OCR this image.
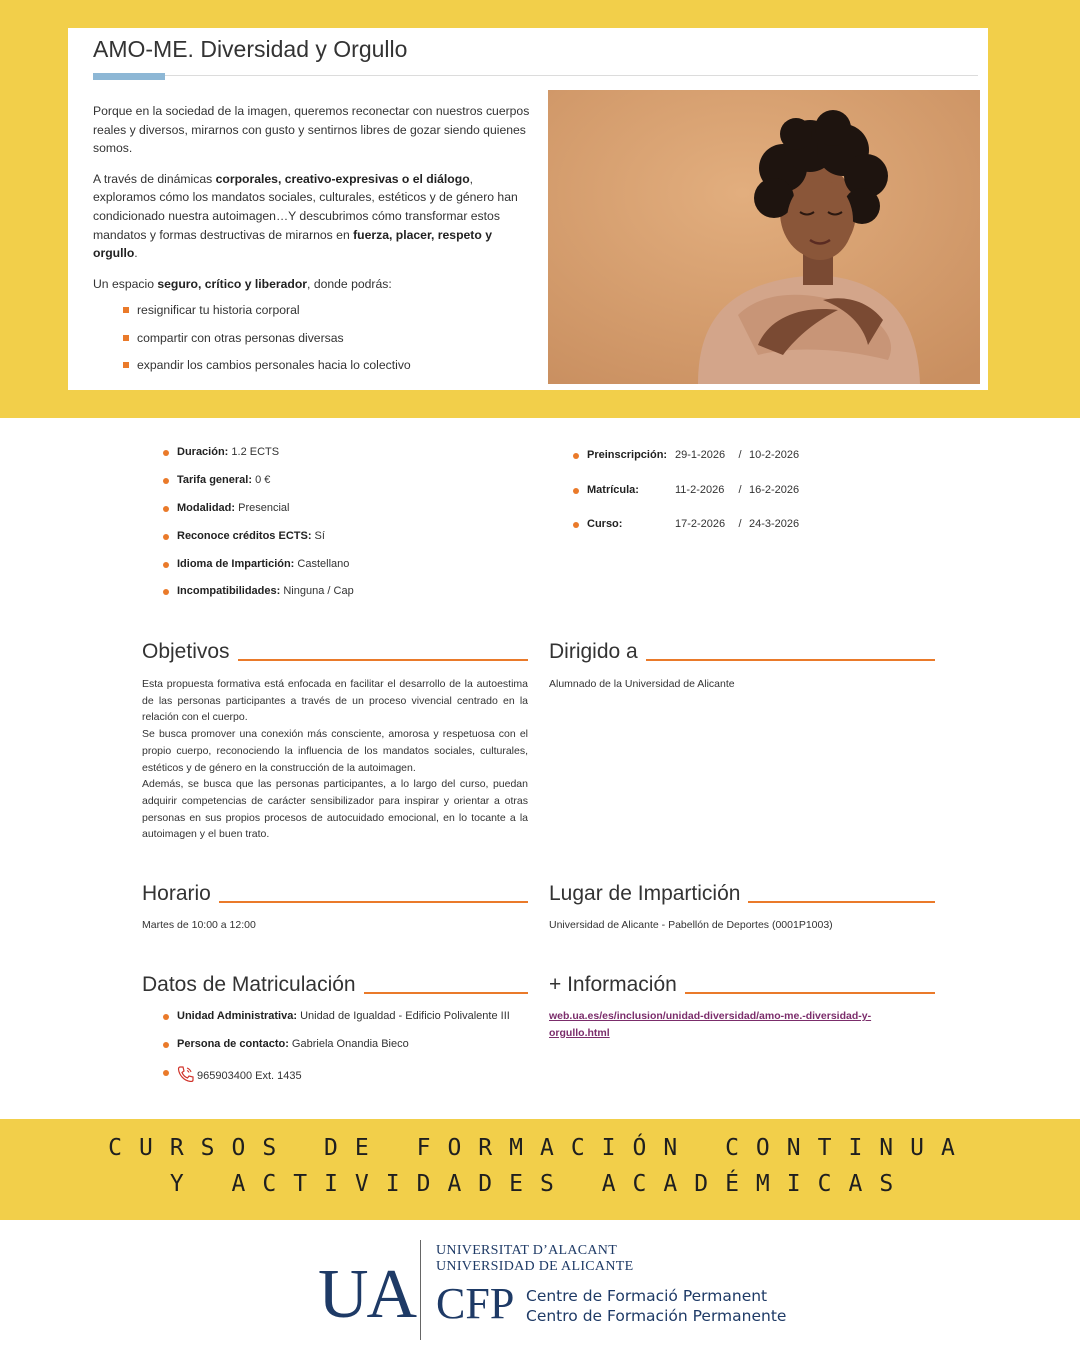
AMO-ME. Diversidad y Orgullo

Porque en la sociedad de la imagen, queremos reconectar con nuestros cuerpos reales y diversos, mirarnos con gusto y sentirnos libres de gozar siendo quienes somos.

A través de dinámicas corporales, creativo-expresivas o el diálogo, exploramos cómo los mandatos sociales, culturales, estéticos y de género han condicionado nuestra autoimagen…Y descubrimos cómo transformar estos mandatos y formas destructivas de mirarnos en fuerza, placer, respeto y orgullo.

Un espacio seguro, crítico y liberador, donde podrás:

resignificar tu historia corporal
compartir con otras personas diversas
expandir los cambios personales hacia lo colectivo
Duración: 1.2 ECTS
Tarifa general: 0 €
Modalidad: Presencial
Reconoce créditos ECTS: Sí
Idioma de Impartición: Castellano
Incompatibilidades: Ninguna / Cap
Preinscripción: 29-1-2026 / 10-2-2026
Matrícula:	11-2-2026 / 16-2-2026
Curso:	17-2-2026 / 24-3-2026
Objetivos
Esta propuesta formativa está enfocada en facilitar el desarrollo de la autoestima de las personas participantes a través de un proceso vivencial centrado en la relación con el cuerpo.
Se busca promover una conexión más consciente, amorosa y respetuosa con el propio cuerpo, reconociendo la influencia de los mandatos sociales, culturales, estéticos y de género en la construcción de la autoimagen.
Además, se busca que las personas participantes, a lo largo del curso, puedan adquirir competencias de carácter sensibilizador para inspirar y orientar a otras personas en sus propios procesos de autocuidado emocional, en lo tocante a la autoimagen y el buen trato.
Dirigido a
Alumnado de la Universidad de Alicante
Horario
Martes de 10:00 a 12:00
Lugar de Impartición
Universidad de Alicante - Pabellón de Deportes (0001P1003)
Datos de Matriculación
Unidad Administrativa: Unidad de Igualdad - Edificio Polivalente III
Persona de contacto: Gabriela Onandia Bieco
965903400 Ext. 1435
+ Información
web.ua.es/es/inclusion/unidad-diversidad/amo-me.-diversidad-y-
orgullo.html
CURSOS DE FORMACIÓN CONTINUA
Y ACTIVIDADES ACADÉMICAS
UA
UNIVERSITAT D’ALACANT
UNIVERSIDAD DE ALICANTE
CFP Centre de Formació Permanent
Centro de Formación Permanente
